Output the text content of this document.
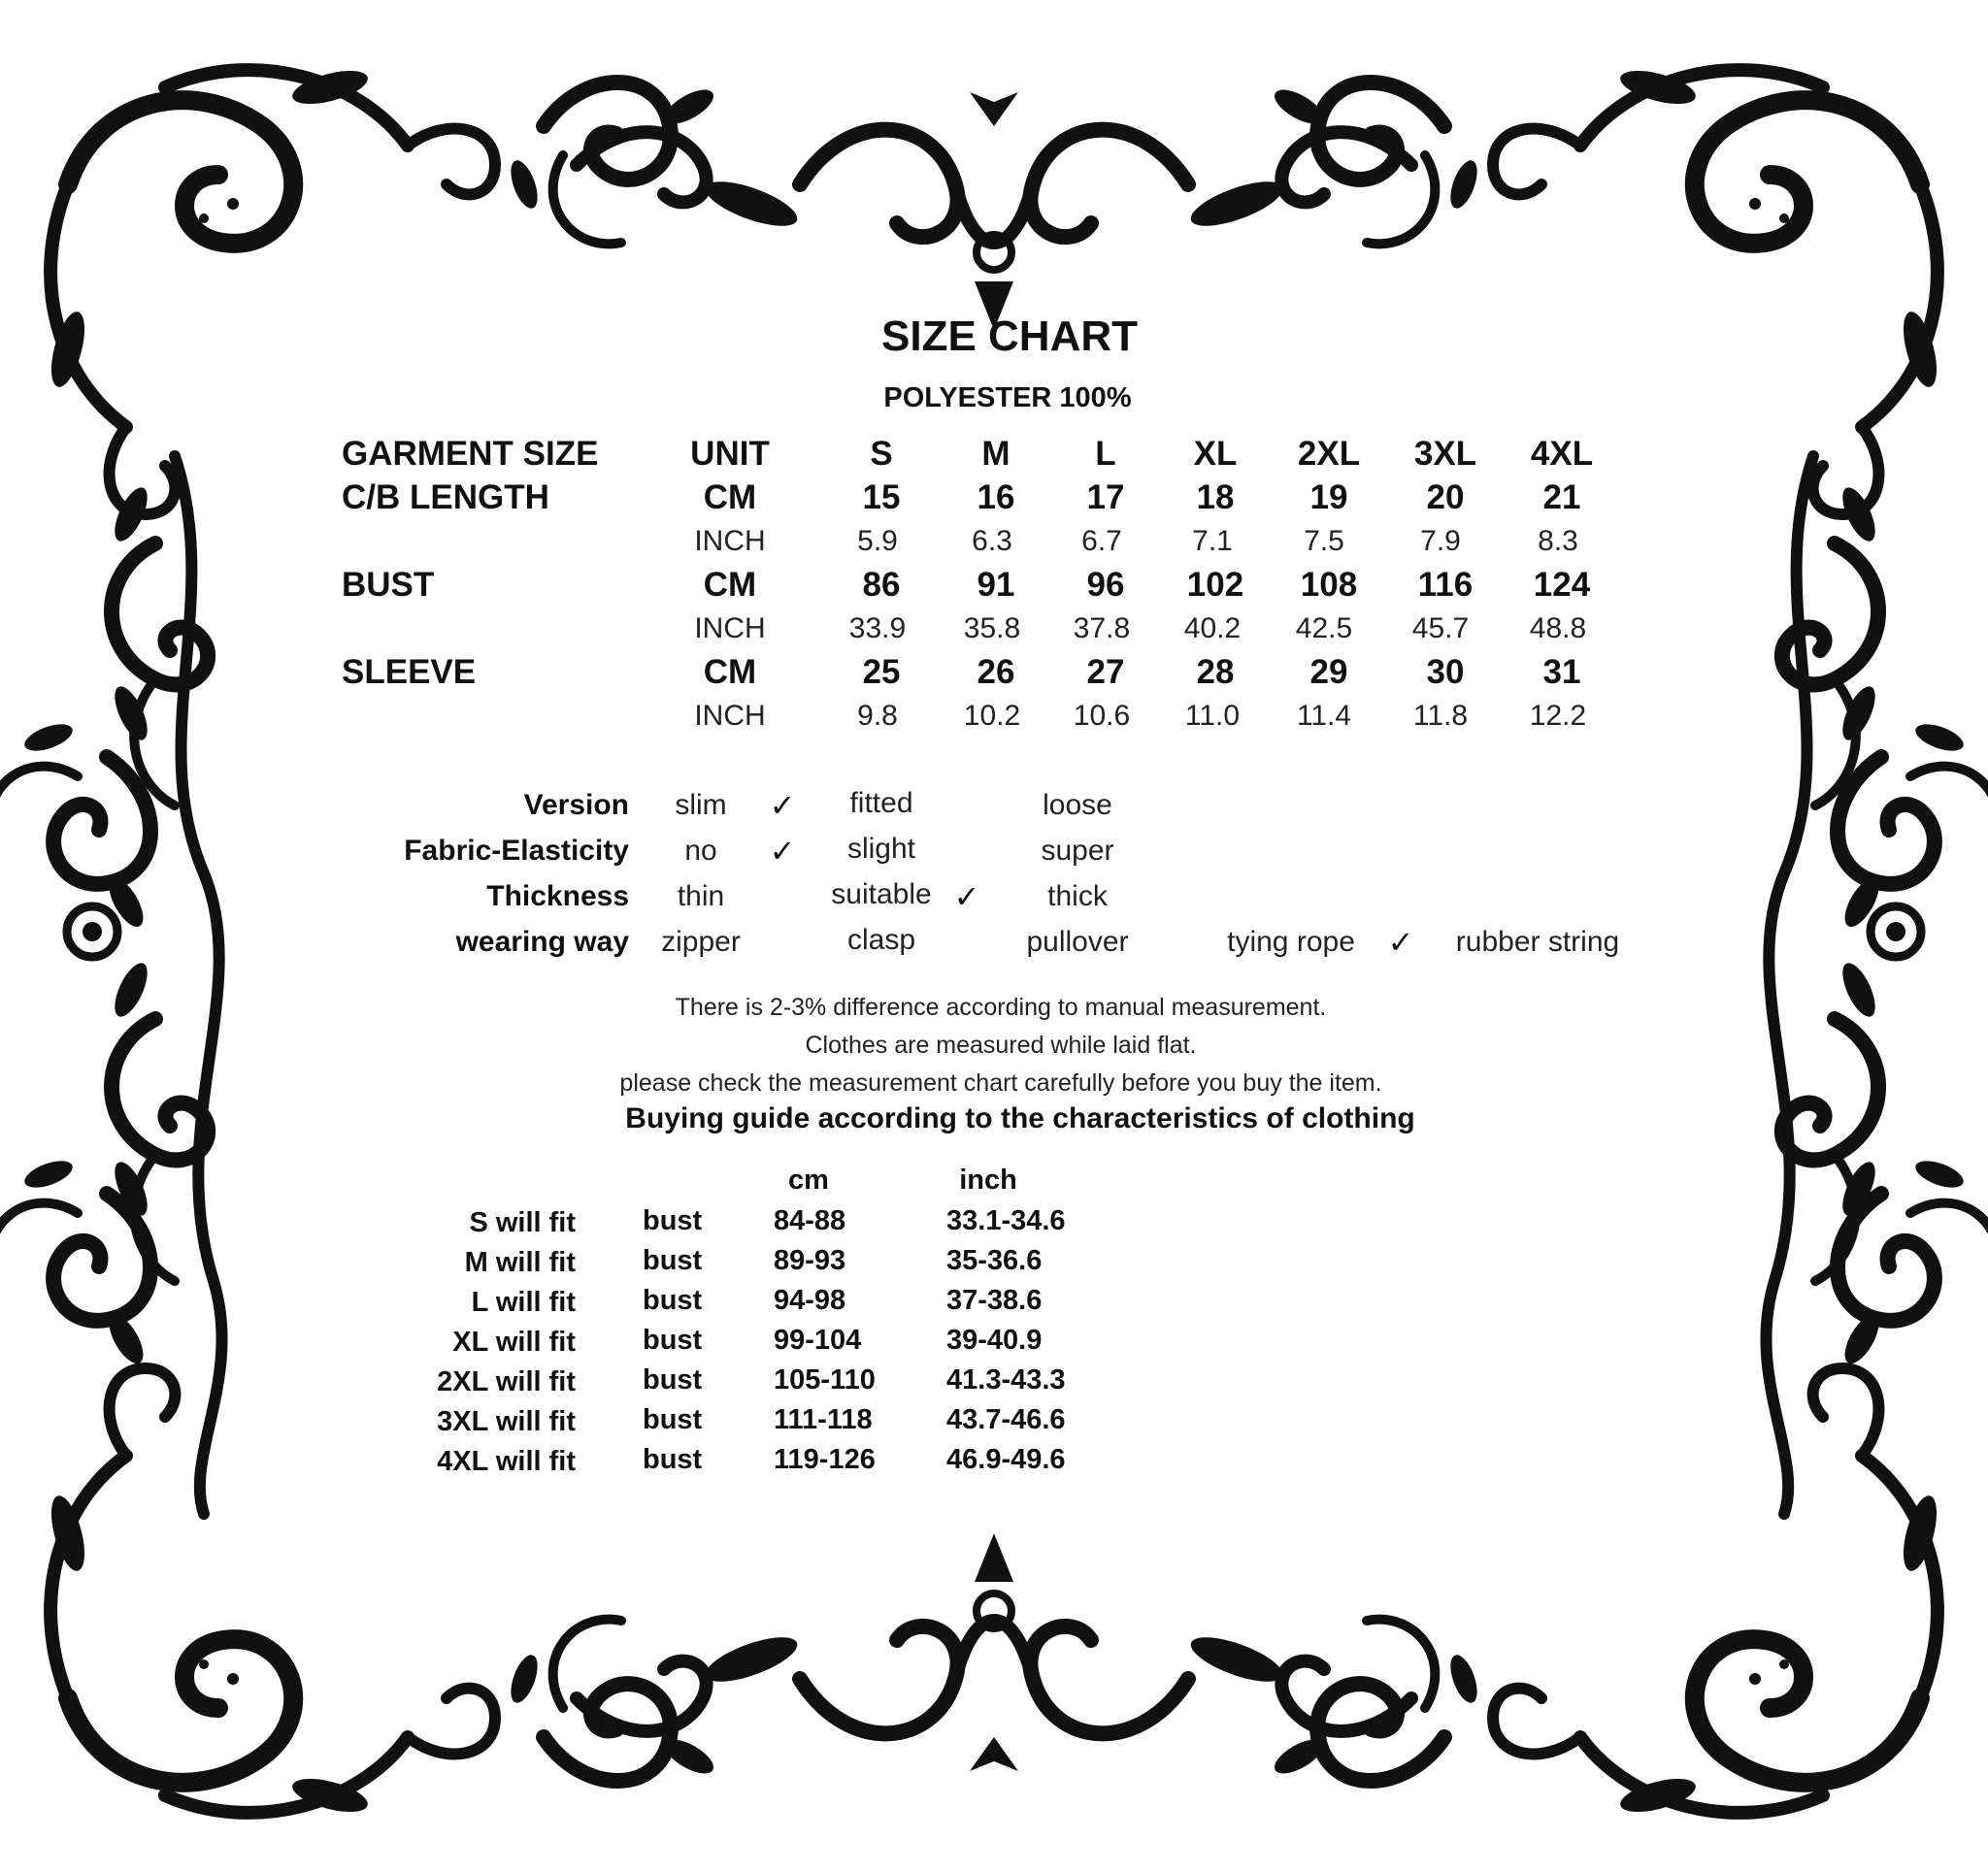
SIZE CHART
POLYESTER 100%
GARMENT SIZE	UNIT	S	M	L XL 2XL 3XL 4XL
C/B LENGTH	CM	15 16 17 18 19 20 21
INCH	5.9	6.3 6.7 7.1 7.5	7.9	8.3
BUST	CM	86 91 96 102 108 116 124
INCH	33.9 35.8 37.8 40.2 42.5 45.7 48.8
SLEEVE	CM	25 26 27 28 29 30 31
INCH	9.8 10.2 10.6 11.0 11.4 11.8 12.2
Version slim ✓ fitted	loose
Fabric-Elasticity no ✓ slight	super
Thickness thin	suitable ✓ thick
wearing way zipper	clasp	pullover	tying rope ✓ rubber string
There is 2-3% difference according to manual measurement.
Clothes are measured while laid flat.
please check the measurement chart carefully before you buy the item.
Buying guide according to the characteristics of clothing
cm	inch
S will fit bust	84-88	33.1-34.6
M will fit bust	89-93	35-36.6
L will fit bust	94-98	37-38.6
XL will fit bust	99-104	39-40.9
2XL will fit bust	105-110	41.3-43.3
3XL will fit bust	111-118	43.7-46.6
4XL will fit bust	119-126	46.9-49.6
